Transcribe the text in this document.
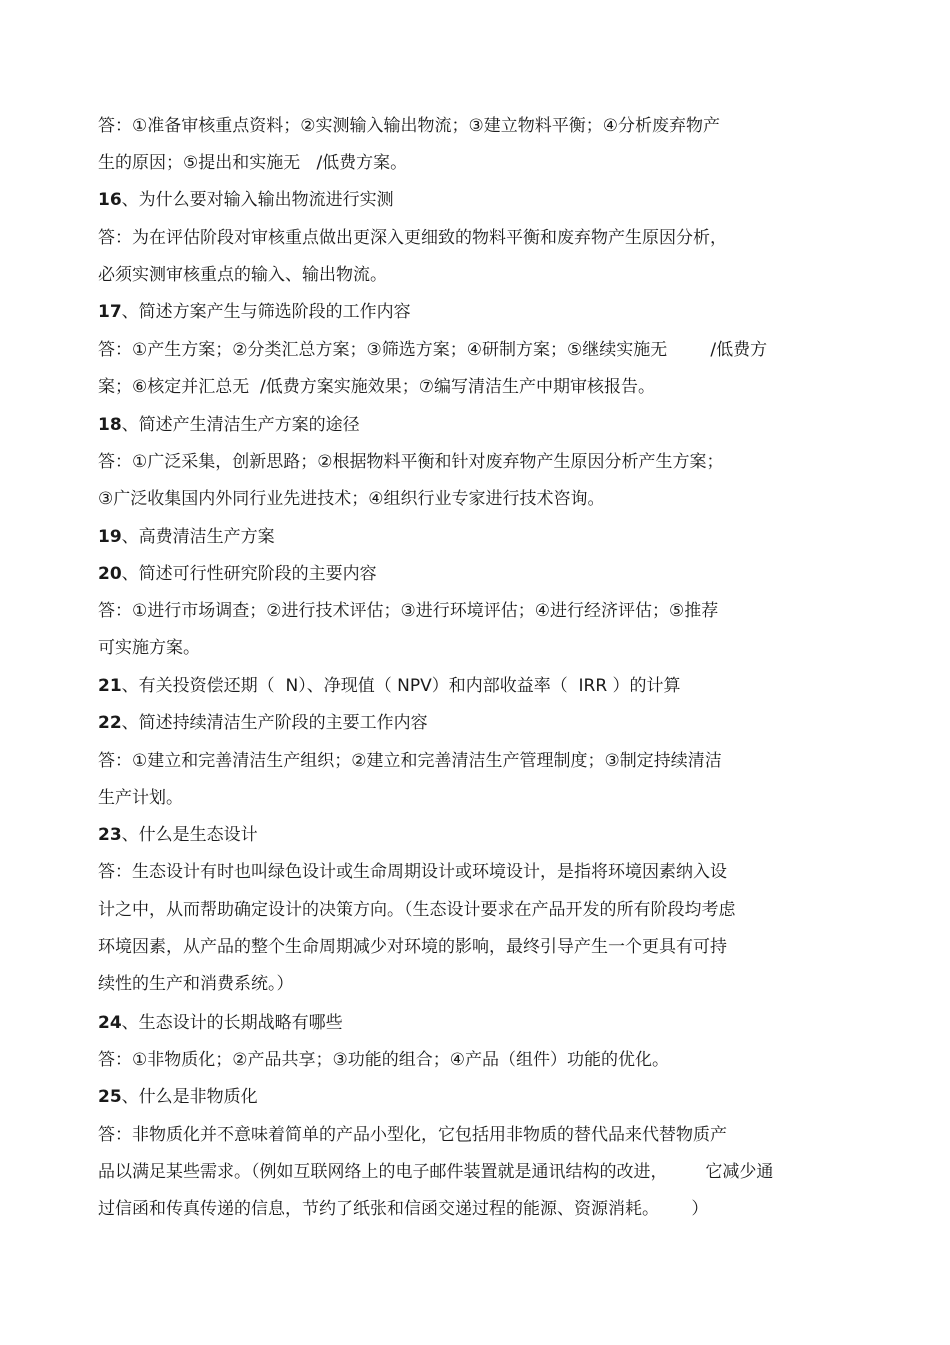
答：①准备审核重点资料；②实测输入输出物流；③建立物料平衡；④分析废弃物产
生的原因；⑤提出和实施无   /低费方案。
16、为什么要对输入输出物流进行实测
答：为在评估阶段对审核重点做出更深入更细致的物料平衡和废弃物产生原因分析，
必须实测审核重点的输入、输出物流。
17、简述方案产生与筛选阶段的工作内容
答：①产生方案；②分类汇总方案；③筛选方案；④研制方案；⑤继续实施无        /低费方
案；⑥核定并汇总无  /低费方案实施效果；⑦编写清洁生产中期审核报告。
18、简述产生清洁生产方案的途径
答：①广泛采集，创新思路；②根据物料平衡和针对废弃物产生原因分析产生方案；
③广泛收集国内外同行业先进技术；④组织行业专家进行技术咨询。
19、高费清洁生产方案
20、简述可行性研究阶段的主要内容
答：①进行市场调查；②进行技术评估；③进行环境评估；④进行经济评估；⑤推荐
可实施方案。
21、有关投资偿还期（  N）、净现值（ NPV）和内部收益率（  IRR ）的计算
22、简述持续清洁生产阶段的主要工作内容
答：①建立和完善清洁生产组织；②建立和完善清洁生产管理制度；③制定持续清洁
生产计划。
23、什么是生态设计
答：生态设计有时也叫绿色设计或生命周期设计或环境设计，是指将环境因素纳入设
计之中，从而帮助确定设计的决策方向。（生态设计要求在产品开发的所有阶段均考虑
环境因素，从产品的整个生命周期减少对环境的影响，最终引导产生一个更具有可持
续性的生产和消费系统。）
24、生态设计的长期战略有哪些
答：①非物质化；②产品共享；③功能的组合；④产品（组件）功能的优化。
25、什么是非物质化
答：非物质化并不意味着简单的产品小型化，它包括用非物质的替代品来代替物质产
品以满足某些需求。（例如互联网络上的电子邮件装置就是通讯结构的改进，       它减少通
过信函和传真传递的信息，节约了纸张和信函交递过程的能源、资源消耗。      ）
